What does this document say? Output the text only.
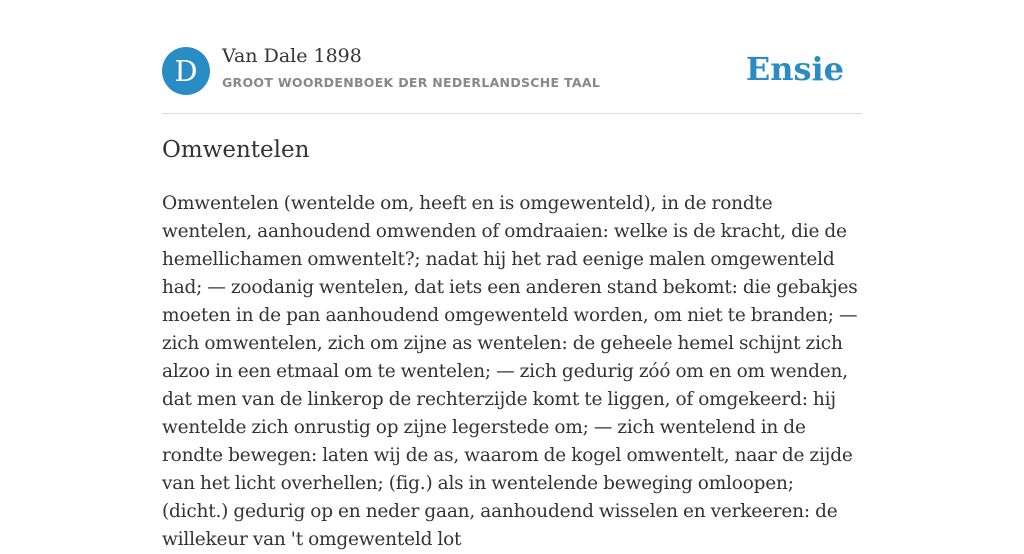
D	Van Dale 1898
GROOT WOORDENBOEK DER NEDERLANDSCHE TAAL	Ensie
Omwentelen

Omwentelen (wentelde om, heeft en is omgewenteld), in de rondte wentelen, aanhoudend omwenden of omdraaien: welke is de kracht, die de hemellichamen omwentelt?; nadat hij het rad eenige malen omgewenteld had; — zoodanig wentelen, dat iets een anderen stand bekomt: die gebakjes moeten in de pan aanhoudend omgewenteld worden, om niet te branden; — zich omwentelen, zich om zijne as wentelen: de geheele hemel schijnt zich alzoo in een etmaal om te wentelen; — zich gedurig zóó om en om wenden, dat men van de linkerop de rechterzijde komt te liggen, of omgekeerd: hij wentelde zich onrustig op zijne legerstede om; — zich wentelend in de rondte bewegen: laten wij de as, waarom de kogel omwentelt, naar de zijde van het licht overhellen; (fig.) als in wentelende beweging omloopen; (dicht.) gedurig op en neder gaan, aanhoudend wisselen en verkeeren: de willekeur van 't omgewenteld lot
